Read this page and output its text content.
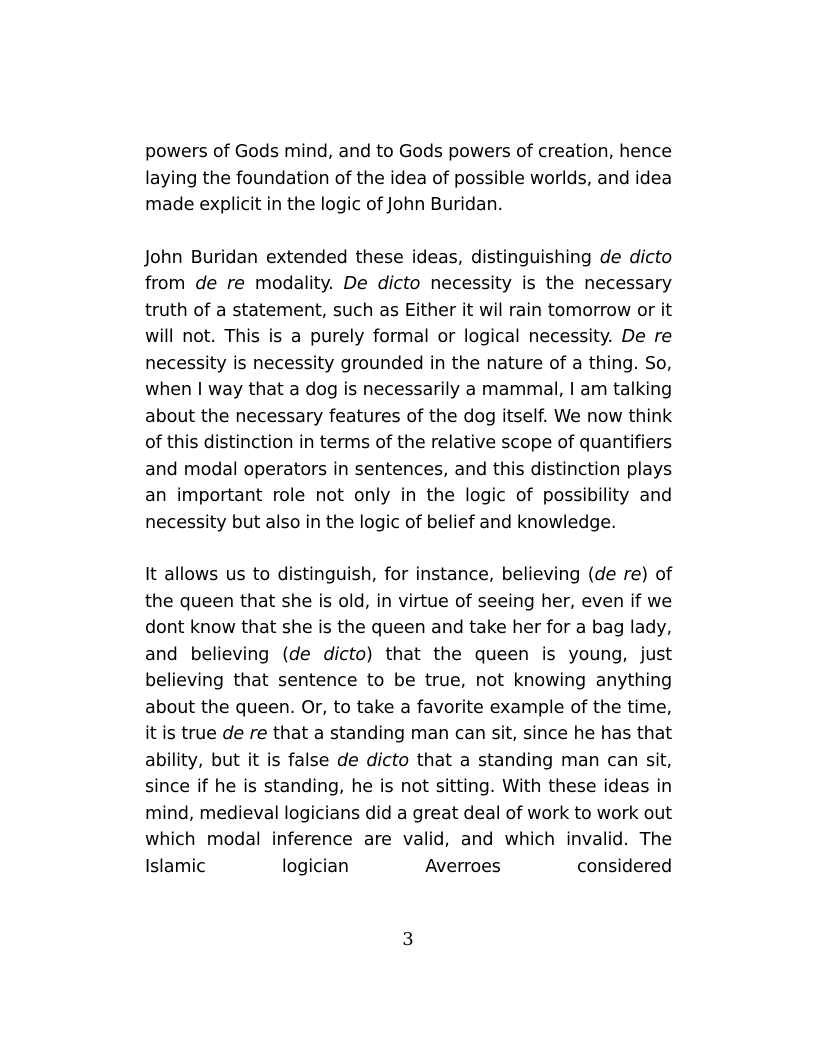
powers of Gods mind, and to Gods powers of creation, hence laying the foundation of the idea of possible worlds, and idea made explicit in the logic of John Buridan.

John Buridan extended these ideas, distinguishing de dicto from de re modality. De dicto necessity is the necessary truth of a statement, such as Either it wil rain tomorrow or it will not. This is a purely formal or logical necessity. De re necessity is necessity grounded in the nature of a thing. So, when I way that a dog is necessarily a mammal, I am talking about the necessary features of the dog itself. We now think of this distinction in terms of the relative scope of quantifiers and modal operators in sentences, and this distinction plays an important role not only in the logic of possibility and necessity but also in the logic of belief and knowledge.

It allows us to distinguish, for instance, believing (de re) of the queen that she is old, in virtue of seeing her, even if we dont know that she is the queen and take her for a bag lady, and believing (de dicto) that the queen is young, just believing that sentence to be true, not knowing anything about the queen. Or, to take a favorite example of the time, it is true de re that a standing man can sit, since he has that ability, but it is false de dicto that a standing man can sit, since if he is standing, he is not sitting. With these ideas in mind, medieval logicians did a great deal of work to work out which modal inference are valid, and which invalid. The Islamic logician Averroes considered

3
